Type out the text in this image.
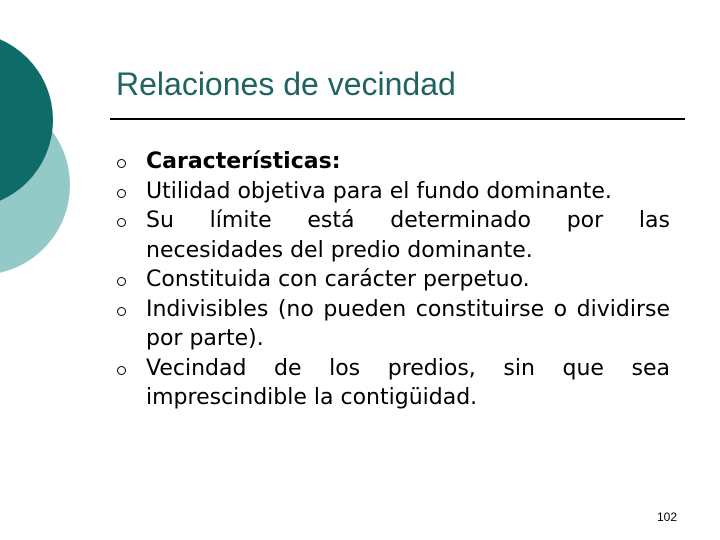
Relaciones de vecindad
Características:
Utilidad objetiva para el fundo dominante.
Su límite está determinado por las necesidades del predio dominante.
Constituida con carácter perpetuo.
Indivisibles (no pueden constituirse o dividirse por parte).
Vecindad de los predios, sin que sea imprescindible la contigüidad.
102
